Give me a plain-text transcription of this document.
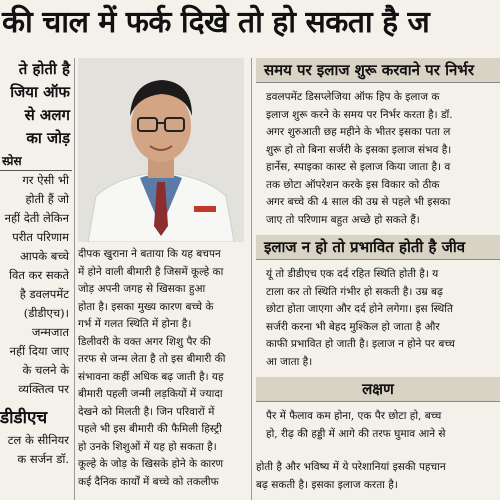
की चाल में फर्क दिखे तो हो सकता है ज
ते होती है
जिया ऑफ
से अलग
का जोड़
स्प्रेस
गर ऐसी भी
होती हैं जो
नहीं देती लेकिन
परीत परिणाम
आपके बच्चे
वित कर सकते
है डवलपमेंट
(डीडीएच)।
जन्मजात
नहीं दिया जाए
के चलने के
व्यक्तित्व पर
डीडीएच
टल के सीनियर
क सर्जन डॉ.
दीपक खुराना ने बताया कि यह बचपन
में होने वाली बीमारी है जिसमें कूल्हे का
जोड़ अपनी जगह से खिसका हुआ
होता है। इसका मुख्य कारण बच्चे के
गर्भ में गलत स्थिति में होना है।
डिलीवरी के वक्त अगर शिशु पैर की
तरफ से जन्म लेता है तो इस बीमारी की
संभावना कहीं अधिक बढ़ जाती है। यह
बीमारी पहली जन्मी लड़कियों में ज्यादा
देखने को मिलती है। जिन परिवारों में
पहले भी इस बीमारी की फैमिली हिस्ट्री
हो उनके शिशुओं में यह हो सकता है।
कूल्हे के जोड़ के खिसके होने के कारण
कई दैनिक कार्यों में बच्चे को तकलीफ
समय पर इलाज शुरू करवाने पर निर्भर
डवलपमेंट डिसप्लेजिया ऑफ हिप के इलाज क
इलाज शुरू करने के समय पर निर्भर करता है। डॉ.
अगर शुरुआती छह महीने के भीतर इसका पता ल
शुरू हो तो बिना सर्जरी के इसका इलाज संभव है।
हार्नेस, स्पाइका कास्ट से इलाज किया जाता है। व
तक छोटा ऑपरेशन करके इस विकार को ठीक
अगर बच्चे की 4 साल की उम्र से पहले भी इसका
जाए तो परिणाम बहुत अच्छे हो सकते हैं।
इलाज न हो तो प्रभावित होती है जीव
यूं तो डीडीएच एक दर्द रहित स्थिति होती है। य
टाला कर तो स्थिति गंभीर हो सकती है। उम्र बढ़
छोटा होता जाएगा और दर्द होने लगेगा। इस स्थिति
सर्जरी करना भी बेहद मुश्किल हो जाता है और
काफी प्रभावित हो जाती है। इलाज न होने पर बच्च
आ जाता है।
लक्षण
पैर में फैलाव कम होना, एक पैर छोटा हो, बच्च
हो, रीढ़ की हड्डी में आगे की तरफ घुमाव आने से
होती है और भविष्य में ये परेशानियां इसकी पहचान
बढ़ सकती है। इसका इलाज करता है।
